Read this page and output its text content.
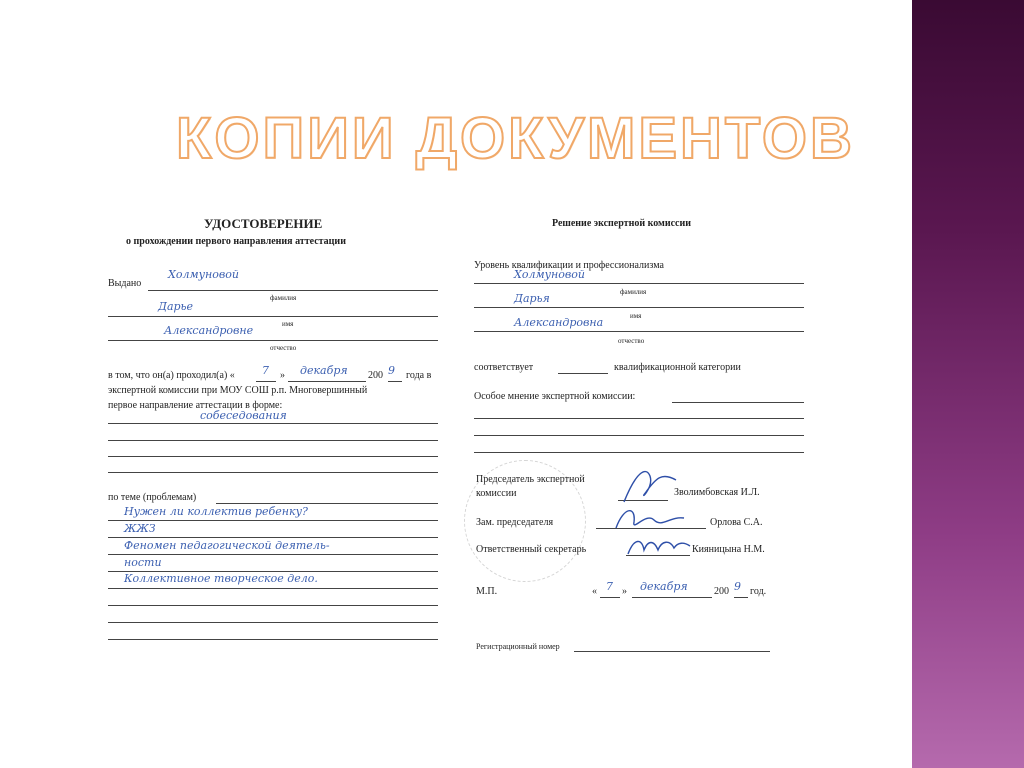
КОПИИ ДОКУМЕНТОВ
УДОСТОВЕРЕНИЕ
о прохождении первого направления аттестации
Выдано
Холмуновой
фамилия
Дарье
имя
Александровне
отчество
в том, что он(а) проходил(а) « 7 » декабря 200 9 года в
экспертной комиссии при МОУ СОШ р.п. Многовершинный
первое направление аттестации в форме:
собеседования
по теме (проблемам)
Нужен ли коллектив ребенку?
ЖЖЗ
Феномен педагогической деятель-
ности
Коллективное творческое дело.
Решение экспертной комиссии
Уровень квалификации и профессионализма
Холмуновой
фамилия
Дарья
имя
Александровна
отчество
соответствует	квалификационной категории
Особое мнение экспертной комиссии:
Председатель экспертной
комиссии	Зволимбовская И.Л.
Зам. председателя	Орлова С.А.
Ответственный секретарь	Кияницына Н.М.
М.П.	« 7 » декабря	200 9 год.
Регистрационный номер
